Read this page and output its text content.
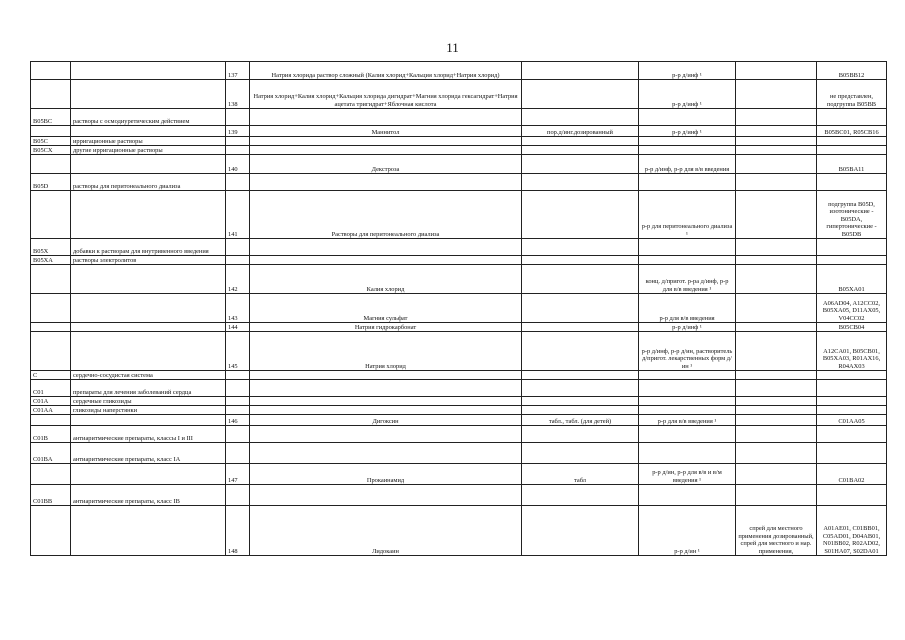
11
		137	Натрия хлорида раствор сложный (Калия хлорид+Кальция хлорид+Натрия хлорид)		р-р д/инф ¹		B05BB12
		138	Натрия хлорид+Калия хлорид+Кальция хлорида дигидрат+Магния хлорида гексагидрат+Натрия ацетата тригидрат+Яблочная кислота		р-р д/инф ¹		не представлен, подгруппа B05BB
B05BC	растворы с осмодиуретическим действием						
		139	Маннитол	пор.д/инг.дозированный	р-р д/инф ¹		B05BC01, R05CB16
B05C	ирригационные растворы						
B05CX	другие ирригационные растворы						
		140	Декстроза		р-р д/инф, р-р для в/в введения		B05BA11
B05D	растворы для перитонеального диализа						
		141	Растворы для перитонеального диализа		р-р для перитонеального диализа ¹		подгруппа B05D, изотонические - B05DA, гипертонические - B05DB
B05X	добавки к растворам для внутривенного введения						
B05XA	растворы электролитов						
		142	Калия хлорид		конц. д/пригот. р-ра д/инф, р-р для в/в введения ¹		B05XA01
		143	Магния сульфат		р-р для в/в введения		A06AD04, A12CC02, B05XA05, D11AX05, V04CC02
		144	Натрия гидрокарбонат		р-р д/инф ¹		B05CB04
		145	Натрия хлорид		р-р д/инф, р-р д/ин, растворитель д/пригот. лекарственных форм д/ин ¹		A12CA01, B05CB01, B05XA03, R01AX16, R04AX03
C	сердечно-сосудистая система						
C01	препараты для лечения заболеваний сердца						
C01A	сердечные гликозиды						
C01AA	гликозиды наперстянки						
		146	Дигоксин	табл., табл. (для детей)	р-р для в/в введения ¹		C01AA05
C01B	антиаритмические препараты, классы I и III						
C01BA	антиаритмические препараты, класс IA						
		147	Прокаинамид	табл	р-р д/ин, р-р для в/в и в/м введения ¹		C01BA02
C01BB	антиаритмические препараты, класс IB						
		148	Лидокаин		р-р д/ин ¹	спрей для местного применения дозированный, спрей для местного и нар. применения,	A01AE01, C01BB01, C05AD01, D04AB01, N01BB02, R02AD02, S01HA07, S02DA01
